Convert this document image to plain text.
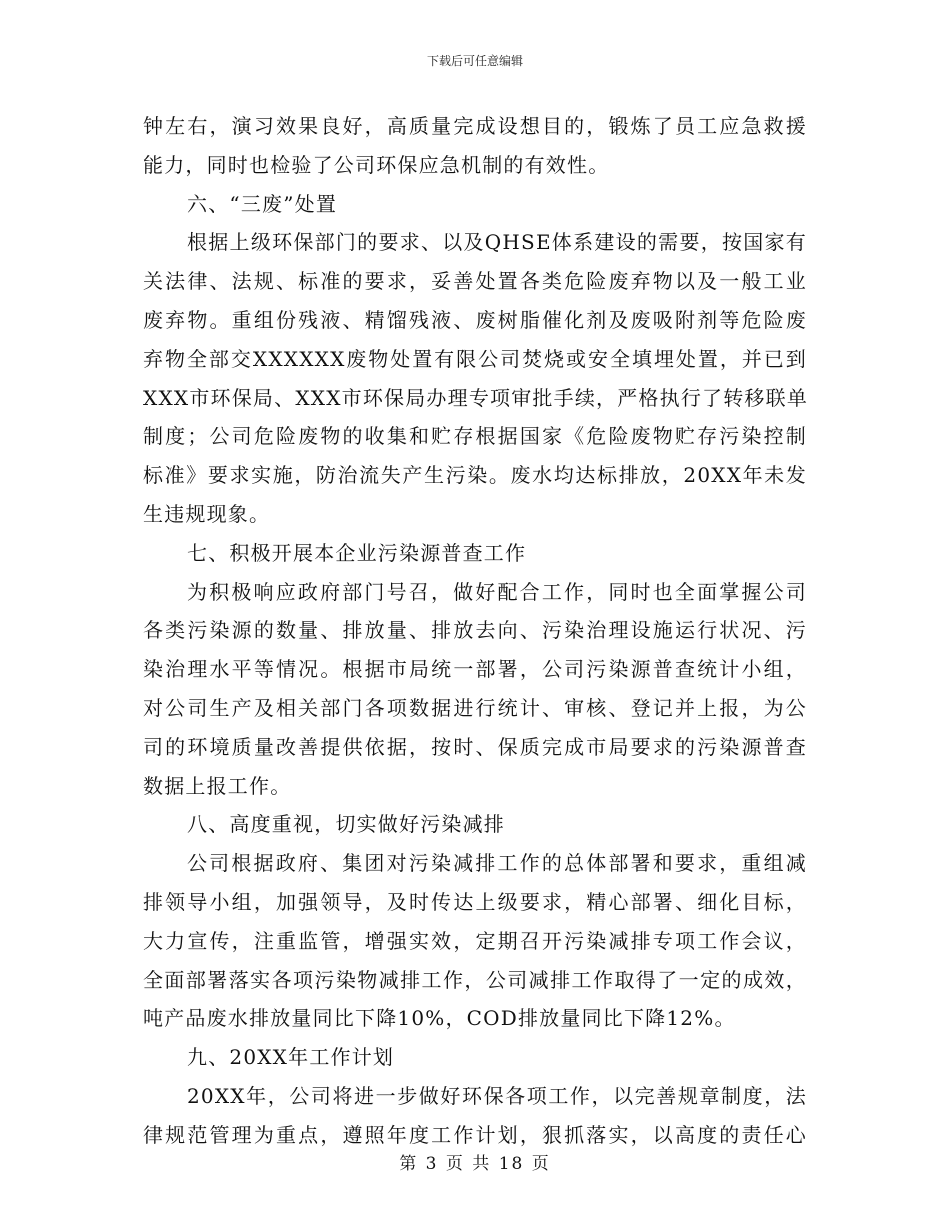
下载后可任意编辑
钟左右，演习效果良好，高质量完成设想目的，锻炼了员工应急救援
能力，同时也检验了公司环保应急机制的有效性。
六、“三废”处置
根据上级环保部门的要求、以及QHSE体系建设的需要，按国家有
关法律、法规、标准的要求，妥善处置各类危险废弃物以及一般工业
废弃物。重组份残液、精馏残液、废树脂催化剂及废吸附剂等危险废
弃物全部交XXXXXX废物处置有限公司焚烧或安全填埋处置，并已到
XXX市环保局、XXX市环保局办理专项审批手续，严格执行了转移联单
制度；公司危险废物的收集和贮存根据国家《危险废物贮存污染控制
标准》要求实施，防治流失产生污染。废水均达标排放，20XX年未发
生违规现象。
七、积极开展本企业污染源普查工作
为积极响应政府部门号召，做好配合工作，同时也全面掌握公司
各类污染源的数量、排放量、排放去向、污染治理设施运行状况、污
染治理水平等情况。根据市局统一部署，公司污染源普查统计小组，
对公司生产及相关部门各项数据进行统计、审核、登记并上报，为公
司的环境质量改善提供依据，按时、保质完成市局要求的污染源普查
数据上报工作。
八、高度重视，切实做好污染减排
公司根据政府、集团对污染减排工作的总体部署和要求，重组减
排领导小组，加强领导，及时传达上级要求，精心部署、细化目标，
大力宣传，注重监管，增强实效，定期召开污染减排专项工作会议，
全面部署落实各项污染物减排工作，公司减排工作取得了一定的成效，
吨产品废水排放量同比下降10%，COD排放量同比下降12%。
九、20XX年工作计划
20XX年，公司将进一步做好环保各项工作，以完善规章制度，法
律规范管理为重点，遵照年度工作计划，狠抓落实，以高度的责任心
第 3 页 共 18 页
